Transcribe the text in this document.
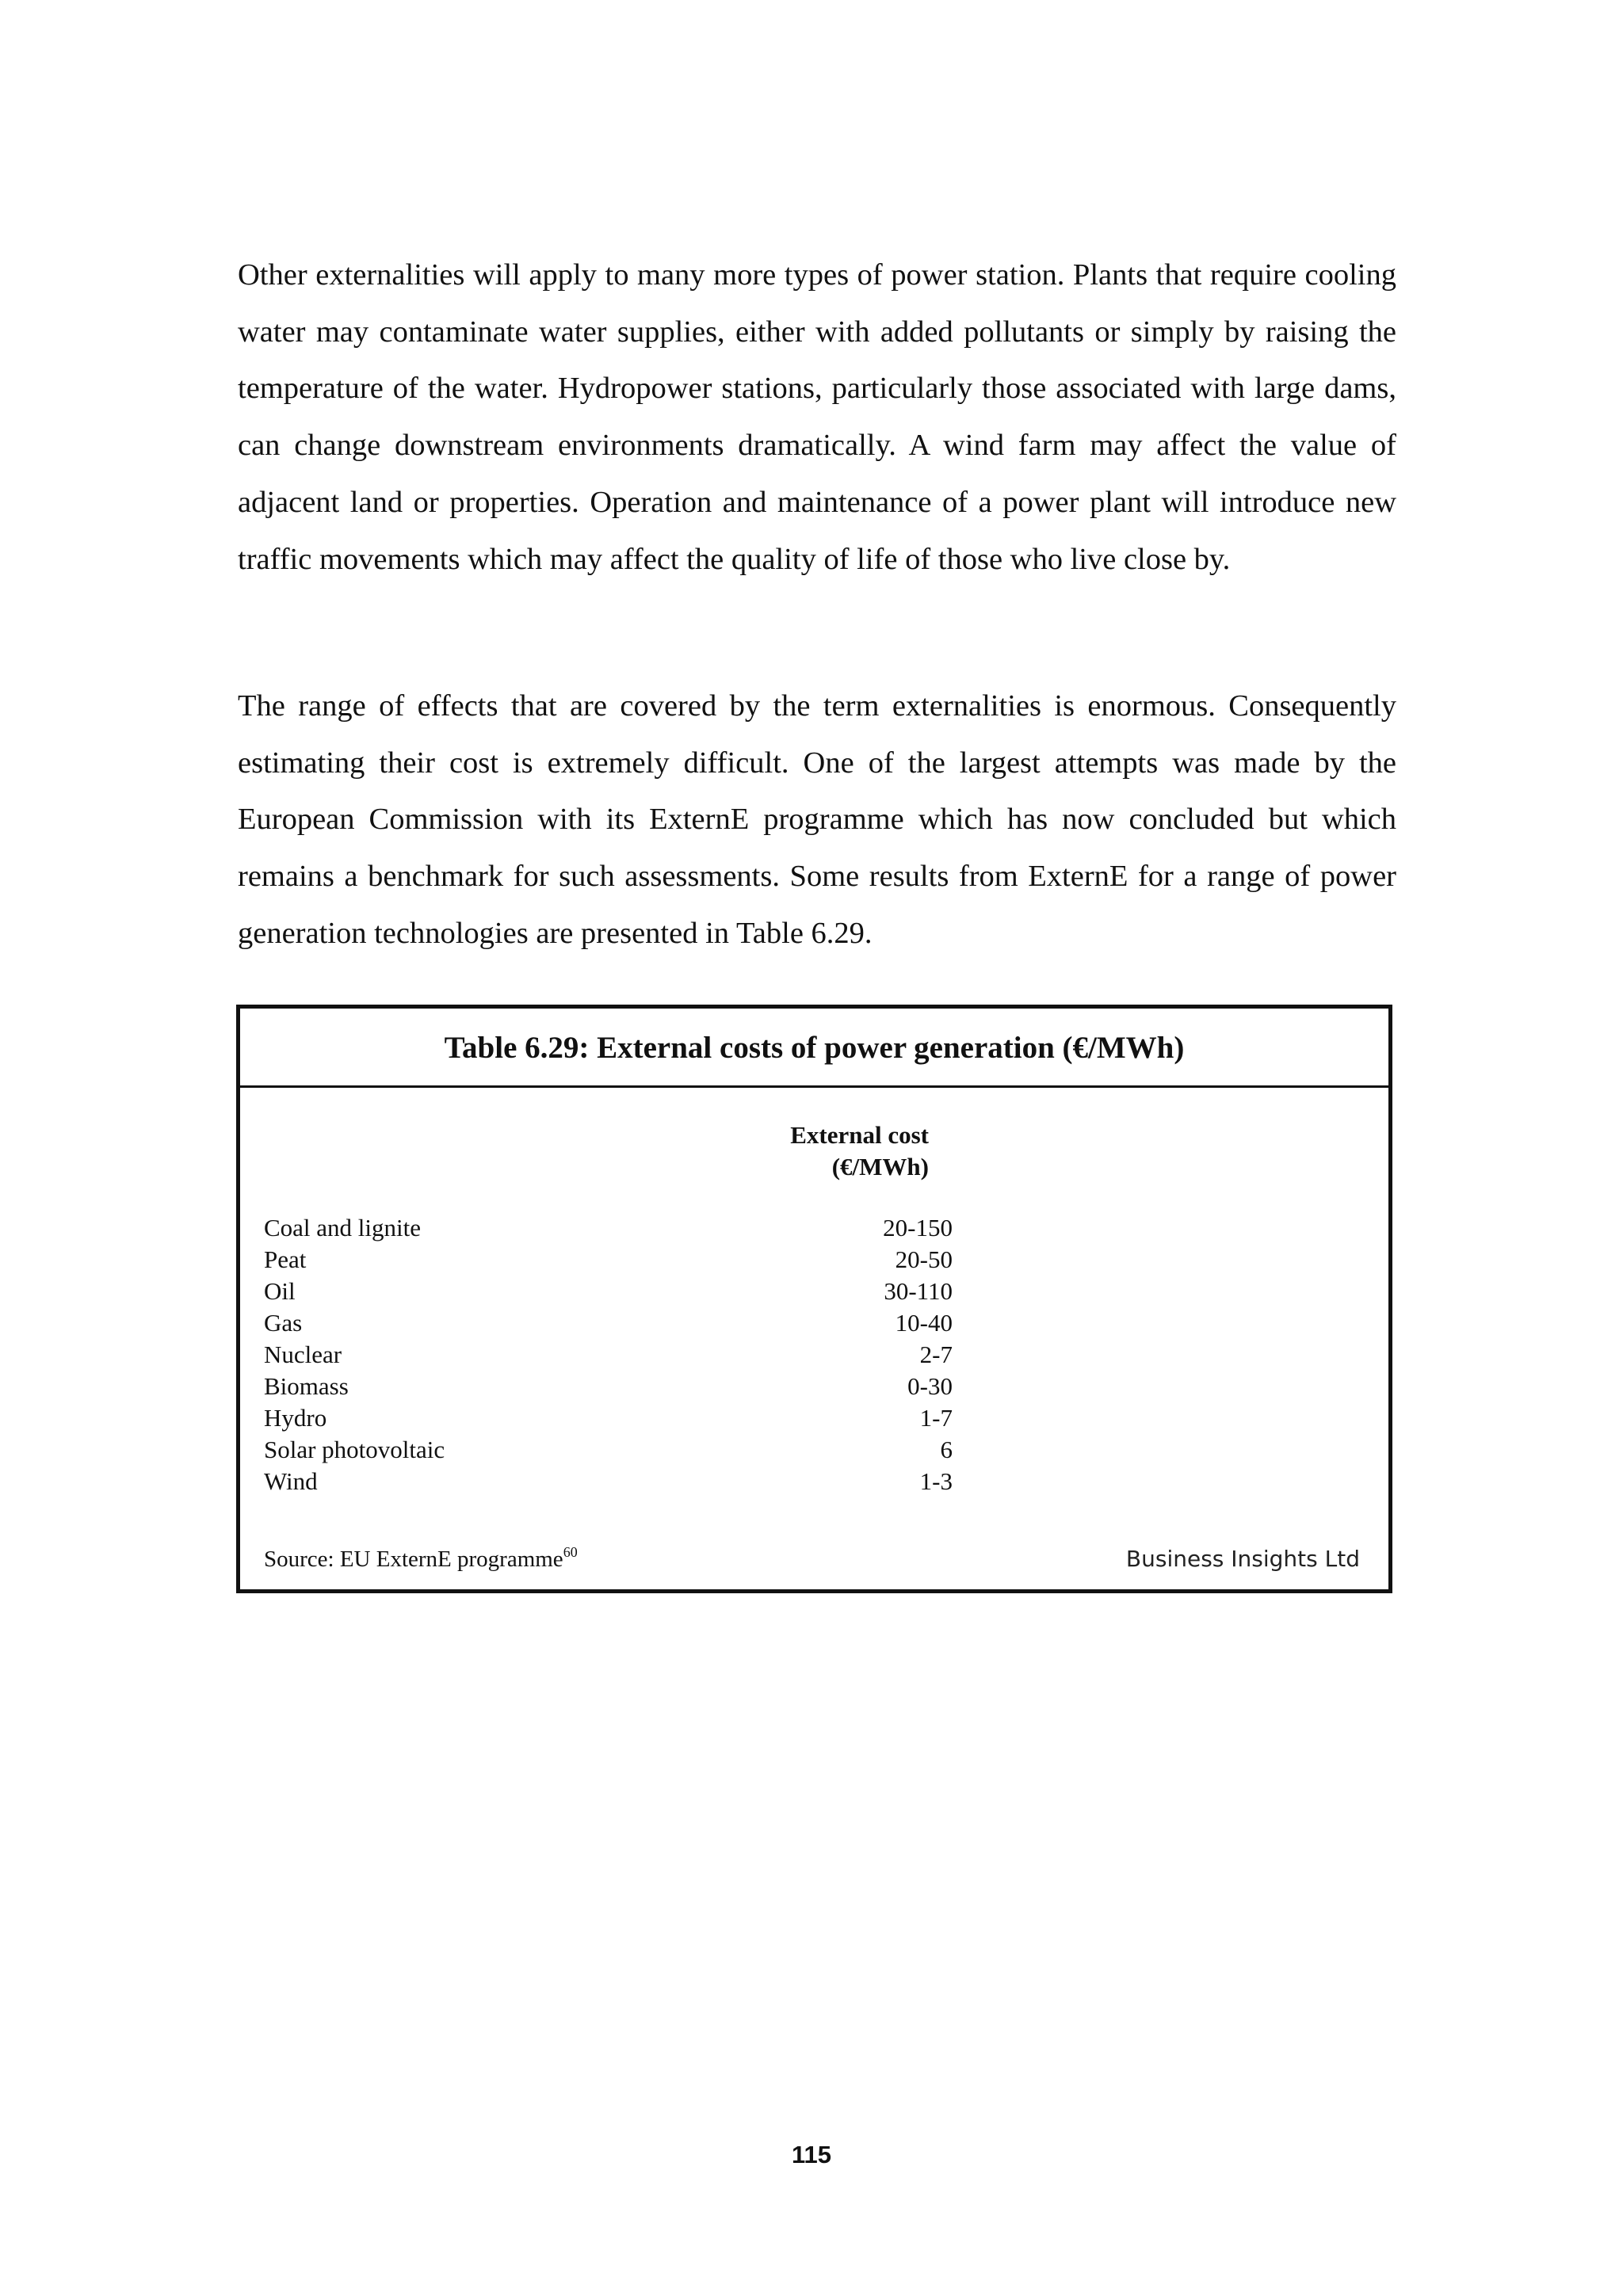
Other externalities will apply to many more types of power station. Plants that require cooling water may contaminate water supplies, either with added pollutants or simply by raising the temperature of the water. Hydropower stations, particularly those associated with large dams, can change downstream environments dramatically. A wind farm may affect the value of adjacent land or properties. Operation and maintenance of a power plant will introduce new traffic movements which may affect the quality of life of those who live close by.

The range of effects that are covered by the term externalities is enormous. Consequently estimating their cost is extremely difficult. One of the largest attempts was made by the European Commission with its ExternE programme which has now concluded but which remains a benchmark for such assessments. Some results from ExternE for a range of power generation technologies are presented in Table 6.29.

Table 6.29: External costs of power generation (€/MWh)
External cost
(€/MWh)
Coal and lignite	20-150
Peat	20-50
Oil	30-110
Gas	10-40
Nuclear	2-7
Biomass	0-30
Hydro	1-7
Solar photovoltaic	6
Wind	1-3
Source: EU ExternE programme$^{60}$	Business Insights Ltd
115
